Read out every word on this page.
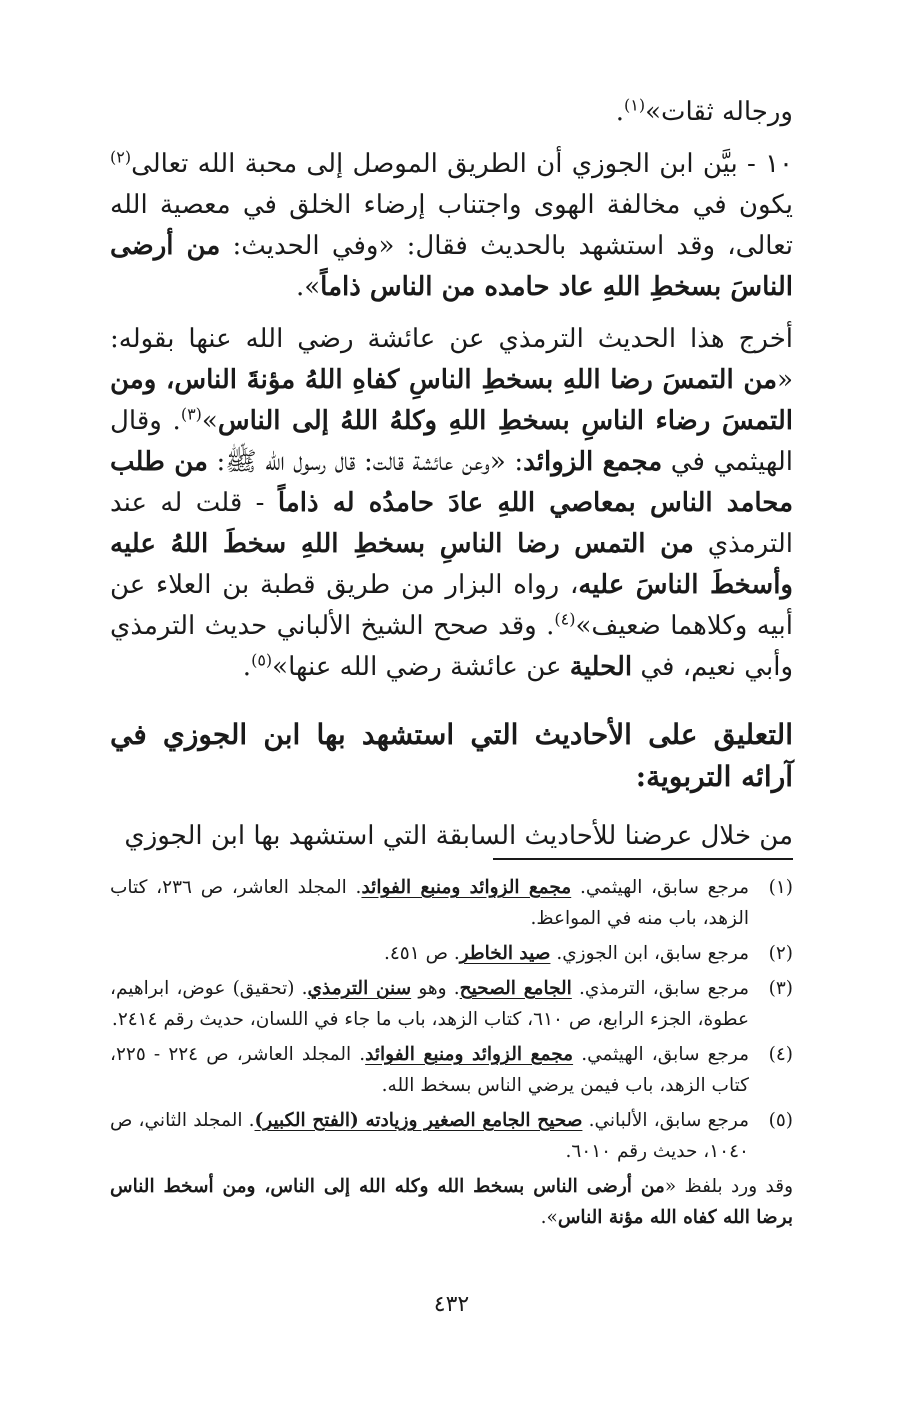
ورجاله ثقات»$^{(١)}$.

١٠ - بيَّن ابن الجوزي أن الطريق الموصل إلى محبة الله تعالى$^{(٢)}$ يكون في مخالفة الهوى واجتناب إرضاء الخلق في معصية الله تعالى، وقد استشهد بالحديث فقال: «وفي الحديث: من أرضى الناسَ بسخطِ اللهِ عاد حامده من الناس ذاماً».

أخرج هذا الحديث الترمذي عن عائشة رضي الله عنها بقوله: «من التمسَ رضا اللهِ بسخطِ الناسِ كفاهِ اللهُ مؤنةَ الناس، ومن التمسَ رضاء الناسِ بسخطِ اللهِ وكلهُ اللهُ إلى الناس»$^{(٣)}$. وقال الهيثمي في مجمع الزوائد: «وعن عائشة قالت: قال رسول الله ﷺ: من طلب محامد الناس بمعاصي اللهِ عادَ حامدُه له ذاماً - قلت له عند الترمذي من التمس رضا الناسِ بسخطِ اللهِ سخطَ اللهُ عليه وأسخطَ الناسَ عليه، رواه البزار من طريق قطبة بن العلاء عن أبيه وكلاهما ضعيف»$^{(٤)}$. وقد صحح الشيخ الألباني حديث الترمذي وأبي نعيم، في الحلية عن عائشة رضي الله عنها»$^{(٥)}$.

التعليق على الأحاديث التي استشهد بها ابن الجوزي في آرائه التربوية:

من خلال عرضنا للأحاديث السابقة التي استشهد بها ابن الجوزي

(١)
مرجع سابق، الهيثمي. مجمع الزوائد ومنبع الفوائد. المجلد العاشر، ص ٢٣٦، كتاب الزهد، باب منه في المواعظ.
(٢)
مرجع سابق، ابن الجوزي. صيد الخاطر. ص ٤٥١.
(٣)
مرجع سابق، الترمذي. الجامع الصحيح. وهو سنن الترمذي. (تحقيق) عوض، ابراهيم، عطوة، الجزء الرابع، ص ٦١٠، كتاب الزهد، باب ما جاء في اللسان، حديث رقم ٢٤١٤.
(٤)
مرجع سابق، الهيثمي. مجمع الزوائد ومنبع الفوائد. المجلد العاشر، ص ٢٢٤ - ٢٢٥، كتاب الزهد، باب فيمن يرضي الناس بسخط الله.
(٥)
مرجع سابق، الألباني. صحيح الجامع الصغير وزيادته (الفتح الكبير). المجلد الثاني، ص ١٠٤٠، حديث رقم ٦٠١٠.
وقد ورد بلفظ «من أرضى الناس بسخط الله وكله الله إلى الناس، ومن أسخط الناس برضا الله كفاه الله مؤنة الناس».
٤٣٢
